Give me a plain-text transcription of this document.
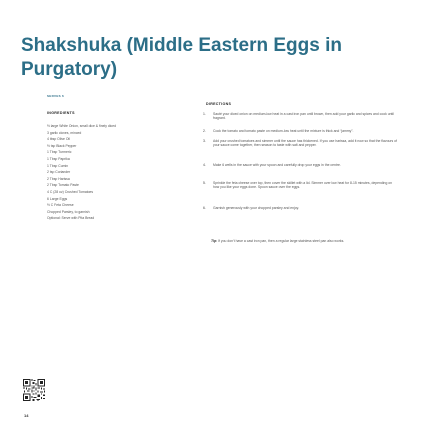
Shakshuka (Middle Eastern Eggs in Purgatory)
SERVES 6
INGREDIENTS
½ large White Onion, small dice & finely diced
3 garlic cloves, minced
4 tbsp Olive Oil
½ tsp Black Pepper
1 Tbsp Turmeric
1 Tbsp Paprika
1 Tbsp Cumin
2 tsp Coriander
2 Tbsp Harissa
2 Tbsp Tomato Paste
4 C (28 oz) Crushed Tomatoes
6 Large Eggs
½ C Feta Cheese
Chopped Parsley, to garnish
Optional: Serve with Pita Bread
DIRECTIONS
1.	Sauté your diced onion on medium-low heat in a cast iron pan until brown, then add your garlic and spices and cook until fragrant.
2.	Cook the tomato and tomato paste on medium-low heat until the mixture is thick and “jammy”.
3.	Add your crushed tomatoes and simmer until the sauce has thickened. If you use harissa, add it now so that the flavours of your sauce come together, then season to taste with salt and pepper.
4.	Make 6 wells in the sauce with your spoon and carefully drop your eggs in the centre.
5.	Sprinkle the feta cheese over top, then cover the skillet with a lid. Simmer over low heat for 8-15 minutes, depending on how you like your eggs done. Spoon sauce over the eggs.
6.	Garnish generously with your chopped parsley and enjoy.
Tip: If you don’t have a cast iron pan, then a regular large stainless steel pan also works.
14
